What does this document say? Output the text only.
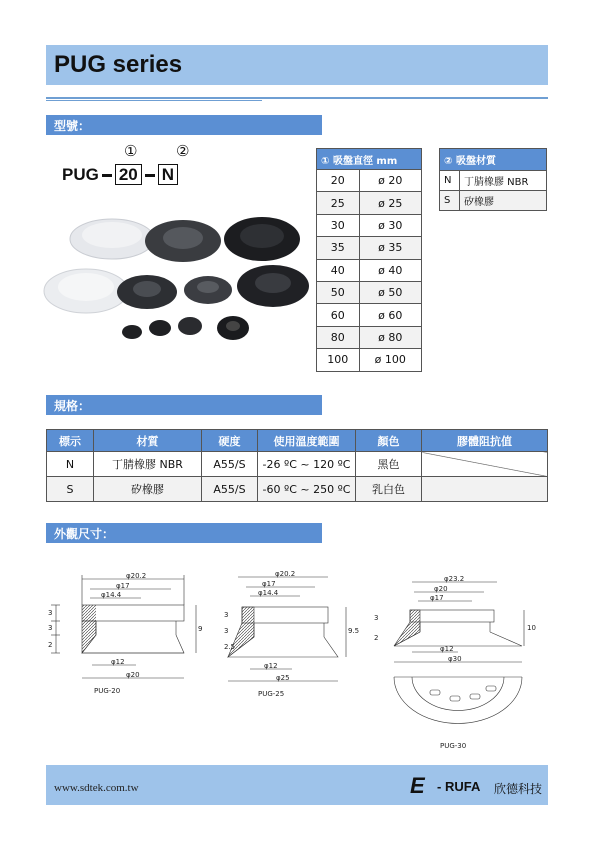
PUG series
型號：
①	②
PUG 20 N
① 吸盤直徑 mm	
20	ø 20
25	ø 25
30	ø 30
35	ø 35
40	ø 40
50	ø 50
60	ø 60
80	ø 80
100	ø 100
② 吸盤材質	
N	丁腈橡膠 NBR
S	矽橡膠
規格：
標示	材質	硬度	使用溫度範圍	顏色	膠體阻抗值
N	丁腈橡膠 NBR	A55/S	-26 ºC ~ 120 ºC	黑色	
S	矽橡膠	A55/S	-60 ºC ~ 250 ºC	乳白色	
外觀尺寸：
φ20.2
φ17
φ14.4
φ12
φ20
9
3
3
2
PUG-20
φ20.2
φ17
φ14.4
φ12
φ25
9.5
3
3
2.5
PUG-25
φ23.2
φ20
φ17
φ12
φ30
10
3
2
PUG-30
www.sdtek.com.tw	E - RUFA 欣德科技
